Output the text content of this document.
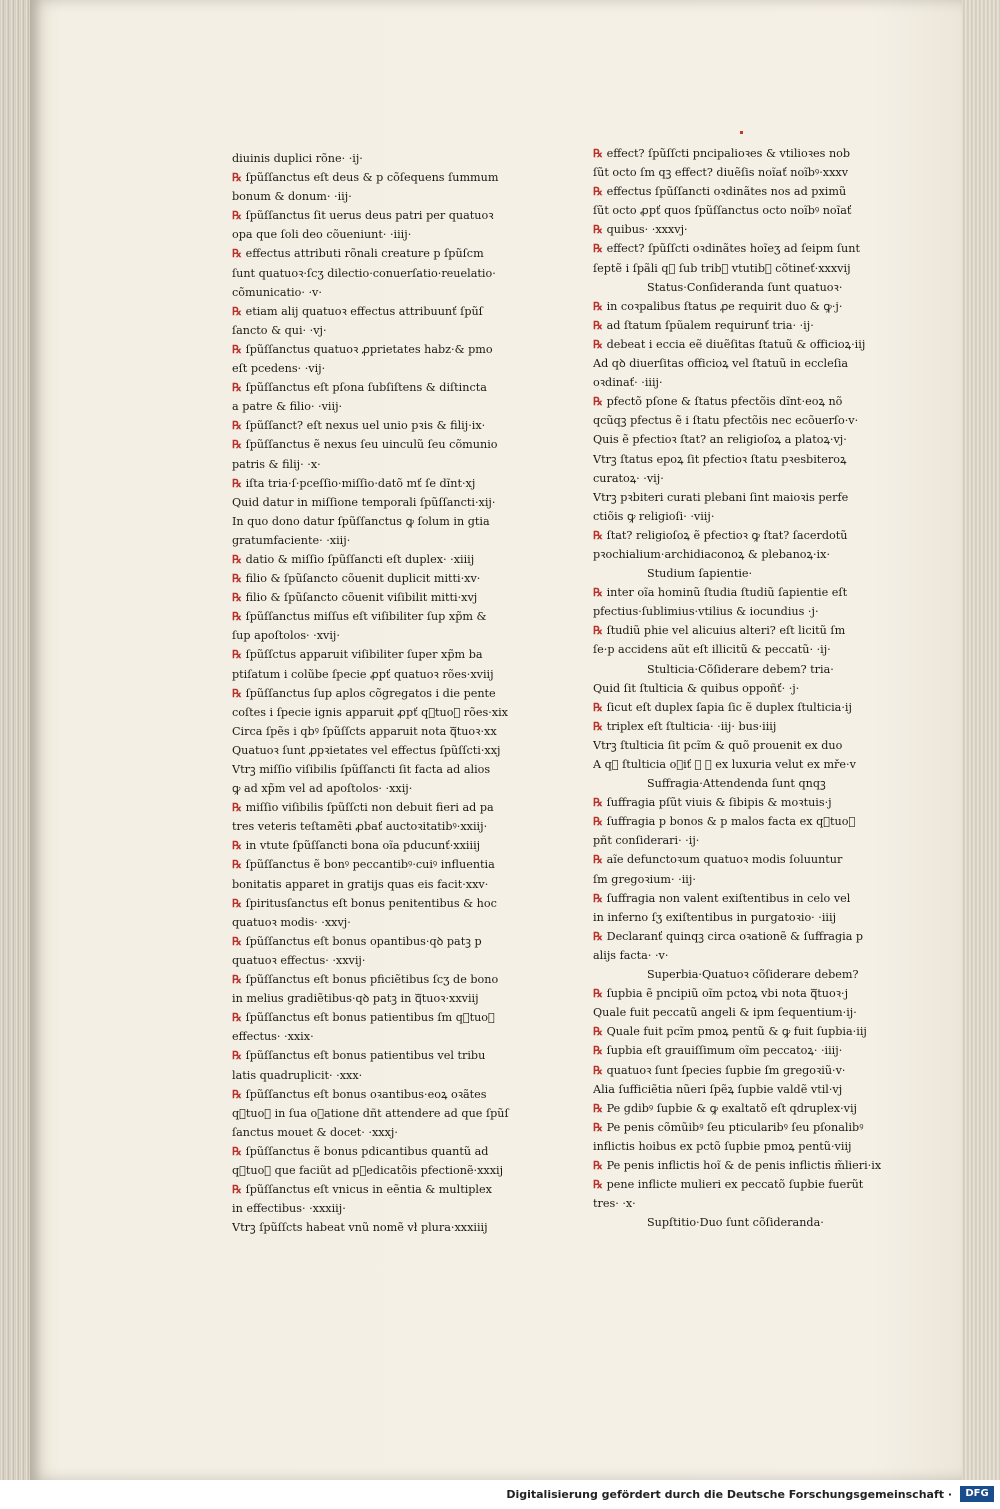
diuinis duplici rõne· ·ij·
℞ ſpũſſanctus eſt deus & p cõſequens ſummum
bonum & donum· ·iij·
℞ ſpũſſanctus ſit uerus deus patri per quatuoꝛ
opa que ſoli deo cõueniunt· ·iiij·
℞ effectus attributi rõnali creature p ſpũſcm
ſunt quatuoꝛ·ſcʒ dilectio·conuerſatio·reuelatio·
cõmunicatio· ·v·
℞ etiam alij quatuoꝛ effectus attribuunť ſpũſ
ſancto & qui· ·vj·
℞ ſpũſſanctus quatuoꝛ ꝓprietates habz·& pmo
eſt pcedens· ·vij·
℞ ſpũſſanctus eſt pſona ſubſiſtens & diſtincta
a patre & filio· ·viij·
℞ ſpũſſanct? eſt nexus uel unio pꝛis & filij·ix·
℞ ſpũſſanctus ẽ nexus ſeu uinculũ ſeu cõmunio
patris & filij· ·x·
℞ iſta tria·ſ·pceſſio·miſſio·datõ mť ſe dĩnt·xj
Quid datur in miſſione temporali ſpũſſancti·xij·
In quo dono datur ſpũſſanctus ꝙ ſolum in gtia
gratumfaciente· ·xiij·
℞ datio & miſſio ſpũſſancti eſt duplex· ·xiiij
℞ filio & ſpũſancto cõuenit duplicit mitti·xv·
℞ filio & ſpũſancto cõuenit viſibilit mitti·xvj
℞ ſpũſſanctus miſſus eſt viſibiliter ſup xp̃m &
ſup apoſtolos· ·xvij·
℞ ſpũſſctus apparuit viſibiliter ſuper xp̃m ba
ptiſatum i colũbe ſpecie ꝓpť quatuoꝛ rões·xviij
℞ ſpũſſanctus ſup aplos cõgregatos i die pente
coſtes i ſpecie ignis apparuit ꝓpť qᷓtuoꝛ rões·xix
Circa ſpẽs i qbꝰ ſpũſſcts apparuit nota qᷓtuoꝛ·xx
Quatuoꝛ ſunt ꝓpꝛietates vel effectus ſpũſſcti·xxj
Vtrꝫ miſſio viſibilis ſpũſſancti ſit facta ad alios
ꝙ ad xp̃m vel ad apoſtolos· ·xxij·
℞ miſſio viſibilis ſpũſſcti non debuit fieri ad pa
tres veteris teſtamẽti ꝓbať auctoꝛitatibꝰ·xxiij·
℞ in vtute ſpũſſancti bona oĩa pducunť·xxiiij
℞ ſpũſſanctus ẽ bonꝰ peccantibꝰ·cuiꝰ influentia
bonitatis apparet in gratijs quas eis facit·xxv·
℞ ſpiritusſanctus eſt bonus penitentibus & hoc
quatuoꝛ modis· ·xxvj·
℞ ſpũſſanctus eſt bonus opantibus·qꝺ patꝫ p
quatuoꝛ effectus· ·xxvij·
℞ ſpũſſanctus eſt bonus pficiẽtibus ſcʒ de bono
in melius gradiẽtibus·qꝺ patꝫ in qᷓtuoꝛ·xxviij
℞ ſpũſſanctus eſt bonus patientibus ſm qᷓtuoꝛ
effectus· ·xxix·
℞ ſpũſſanctus eſt bonus patientibus vel tribu
latis quadruplicit· ·xxx·
℞ ſpũſſanctus eſt bonus oꝛantibus·eoꝝ oꝛãtes
qᷓtuoꝛ in ſua oꝛatione dñt attendere ad que ſpũſ
ſanctus mouet & docet· ·xxxj·
℞ ſpũſſanctus ẽ bonus pdicantibus quantũ ad
qᷓtuoꝛ que faciũt ad pꝛedicatõis pfectionẽ·xxxij
℞ ſpũſſanctus eſt vnicus in eẽntia & multiplex
in effectibus· ·xxxiij·
Vtrꝫ ſpũſſcts habeat vnũ nomẽ vł plura·xxxiiij
℞ effect? ſpũſſcti pncipalioꝛes & vtilioꝛes nob
ſũt octo ſm qꝫ effect? diuẽſis noĩať noĩbꝰ·xxxv
℞ effectus ſpũſſancti oꝛdinãtes nos ad pximũ
ſũt octo ꝓpť quos ſpũſſanctus octo noĩbꝰ noĩať
℞ quibus· ·xxxvj·
℞ effect? ſpũſſcti oꝛdinãtes hoĩeʒ ad ſeipm ſunt
ſeptẽ i ſpãli qᷓ ſub tribꝰ vtutibꝰ cõtineť·xxxvij
Status·Conſideranda ſunt quatuoꝛ·
℞ in coꝛpalibus ſtatus ꝓe requirit duo & ꝙ·j·
℞ ad ſtatum ſpũalem requirunť tria· ·ij·
℞ debeat i eccia eẽ diuẽſitas ſtatuũ & officioꝝ·iij
Ad qꝺ diuerſitas officioꝝ vel ſtatuũ in eccleſia
oꝛdinať· ·iiij·
℞ pfectõ pſone & ſtatus pfectõis dĩnt·eoꝝ nõ
qcũqꝫ pfectus ẽ i ſtatu pfectõis nec ecõuerſo·v·
Quis ẽ pfectioꝛ ſtat? an religioſoꝝ a platoꝝ·vj·
Vtrꝫ ſtatus epoꝝ ſit pfectioꝛ ſtatu pꝛesbiteroꝝ
curatoꝝ· ·vij·
Vtrꝫ pꝛbiteri curati plebani ſint maioꝛis perfe
ctiõis ꝙ religioſi· ·viij·
℞ ſtat? religioſoꝝ ẽ pfectioꝛ ꝙ ſtat? ſacerdotũ
pꝛochialium·archidiaconoꝝ & plebanoꝝ·ix·
Studium ſapientie·
℞ inter oĩa hominũ ſtudia ſtudiũ ſapientie eſt
pfectius·ſublimius·vtilius & iocundius ·j·
℞ ſtudiũ phie vel alicuius alteri? eſt licitũ ſm
ſe·p accidens aũt eſt illicitũ & peccatũ· ·ij·
Stulticia·Cõſiderare debem? tria·
Quid ſit ſtulticia & quibus oppoñť· ·j·
℞ ſicut eſt duplex ſapia ſic ẽ duplex ſtulticia·ij
℞ triplex eſt ſtulticia· ·iij· bus·iiij
Vtrꝫ ſtulticia ſit pcĩm & quõ prouenit ex duo
A qᷓ ſtulticia oꝛiť ꝙ ꝙ ex luxuria velut ex mře·v
Suffragia·Attendenda ſunt qnqꝫ
℞ ſuffragia pſũt viuis & ſibipis & moꝛtuis·j
℞ ſuffragia p bonos & p malos facta ex qᷓtuoꝛ
pñt conſiderari· ·ij·
℞ aĩe defunctoꝛum quatuoꝛ modis ſoluuntur
ſm gregoꝛium· ·iij·
℞ ſuffragia non valent exiſtentibus in celo vel
in inferno ſʒ exiſtentibus in purgatoꝛio· ·iiij
℞ Declaranť quinqꝫ circa oꝛationẽ & ſuffragia p
alijs facta· ·v·
Superbia·Quatuoꝛ cõſiderare debem?
℞ ſupbia ẽ pncipiũ oĩm pctoꝝ vbi nota qᷓtuoꝛ·j
Quale fuit peccatũ angeli & ipm ſequentium·ij·
℞ Quale fuit pcĩm pmoꝝ pentũ & ꝙ fuit ſupbia·iij
℞ ſupbia eſt grauiſſimum oĩm peccatoꝝ· ·iiij·
℞ quatuoꝛ ſunt ſpecies ſupbie ſm gregoꝛiũ·v·
Alia ſufficiẽtia nũeri ſpẽꝝ ſupbie valdẽ vtil·vj
℞ Pe gdibꝰ ſupbie & ꝙ exaltatõ eſt qdruplex·vij
℞ Pe penis cõmũibꝰ ſeu pticularibꝰ ſeu pſonalibꝰ
inflictis hoibus ex pctõ ſupbie pmoꝝ pentũ·viij
℞ Pe penis inflictis hoĩ & de penis inflictis m̃lieri·ix
℞ pene inflicte mulieri ex peccatõ ſupbie fuerũt
tres· ·x·
Supſtitio·Duo ſunt cõſideranda·
Digitalisierung gefördert durch die Deutsche Forschungsgemeinschaft ·	DFG
